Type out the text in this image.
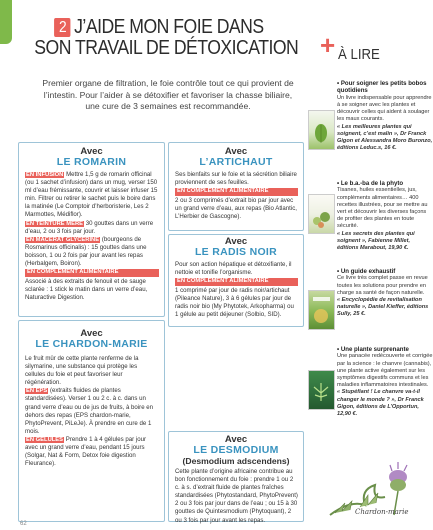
2 J’AIDE MON FOIE DANS
SON TRAVAIL DE DÉTOXICATION
Premier organe de filtration, le foie contrôle tout ce qui provient de l’intestin. Pour l’aider à se détoxifier et favoriser la chasse biliaire, une cure de 3 semaines est recommandée.
Avec
LE ROMARIN
EN INFUSION Mettre 1,5 g de romarin officinal (ou 1 sachet d’infusion) dans un mug, verser 150 ml d’eau frémissante, couvrir et laisser infuser 15 min. Filtrer ou retirer le sachet puis le boire dans la matinée (Le Comptoir d’herboristerie, Les 2 Marmottes, Médiflor).
EN TEINTURE MÈRE 30 gouttes dans un verre d’eau, 2 ou 3 fois par jour.
EN MACÉRAT GLYCÉRINÉ (bourgeons de Rosmarinus officinalis) : 15 gouttes dans une boisson, 1 ou 2 fois par jour avant les repas (Herbalgem, Boiron).
EN COMPLÉMENT ALIMENTAIRE
Associé à des extraits de fenouil et de sauge sclarée : 1 stick le matin dans un verre d’eau, Naturactive Digestion.
Avec
L’ARTICHAUT
Ses bienfaits sur le foie et la sécrétion biliaire proviennent de ses feuilles.
EN COMPLÉMENT ALIMENTAIRE
2 ou 3 comprimés d’extrait bio par jour avec un grand verre d’eau, aux repas (Bio Atlantic, L’Herbier de Gascogne).
Avec
LE RADIS NOIR
Pour son action hépatique et détoxifiante, il nettoie et tonifie l’organisme.
EN COMPLÉMENT ALIMENTAIRE
1 comprimé par jour de radis noir/artichaut (Pileance Nature), 3 à 6 gélules par jour de radis noir bio (My Phytotek, Arkopharma) ou 1 gélule au petit déjeuner (Solbio, SID).
Avec
LE CHARDON-MARIE
Le fruit mûr de cette plante renferme de la silymarine, une substance qui protège les cellules du foie et peut favoriser leur régénération.
EN EPS (extraits fluides de plantes standardisées). Verser 1 ou 2 c. à c. dans un grand verre d’eau ou de jus de fruits, à boire en dehors des repas (EPS chardon-marie, PhytoPrevent, PiLeJe). À prendre en cure de 1 mois.
EN GÉLULES Prendre 1 à 4 gélules par jour avec un grand verre d’eau, pendant 15 jours (Solgar, Nat & Form, Detox foie digestion Fleurance).
Avec
LE DESMODIUM
(Desmodium adscendens)
Cette plante d’origine africaine contribue au bon fonctionnement du foie : prendre 1 ou 2 c. à s. d’extrait fluide de plantes fraîches standardisées (Phytostandard, PhytoPrevent) 2 ou 3 fois par jour dans de l’eau ; ou 15 à 30 gouttes de Quintesmodium (Phytoquant), 2 ou 3 fois par jour avant les repas.
+ À LIRE
• Pour soigner les petits bobos quotidiens
Un livre indispensable pour apprendre à se soigner avec les plantes et découvrir celles qui aident à soulager les maux courants.
« Les meilleures plantes qui soignent, c’est malin », Dr Franck Gigon et Alessandra Moro Buronzo, éditions Leduc.s, 16 €.
• Le b.a.-ba de la phyto
Tisanes, huiles essentielles, jus, compléments alimentaires… 400 recettes illustrées, pour se mettre au vert et découvrir les diverses façons de profiter des plantes en toute sécurité.
« Les secrets des plantes qui soignent », Fabienne Millet, éditions Marabout, 19,90 €.
• Un guide exhaustif
Ce livre très complet passe en revue toutes les solutions pour prendre en charge sa santé de façon naturelle.
« Encyclopédie de revitalisation naturelle », Daniel Kieffer, éditions Sully, 25 €.
• Une plante surprenante
Une panacée redécouverte et corrigée par la science : le chanvre (cannabis), une plante active également sur les symptômes digestifs communs et les maladies inflammatoires intestinales.
« Stupéfiant ! Le chanvre va-t-il changer le monde ? », Dr Franck Gigon, éditions de L’Opportun, 12,90 €.
Chardon-marie
62
